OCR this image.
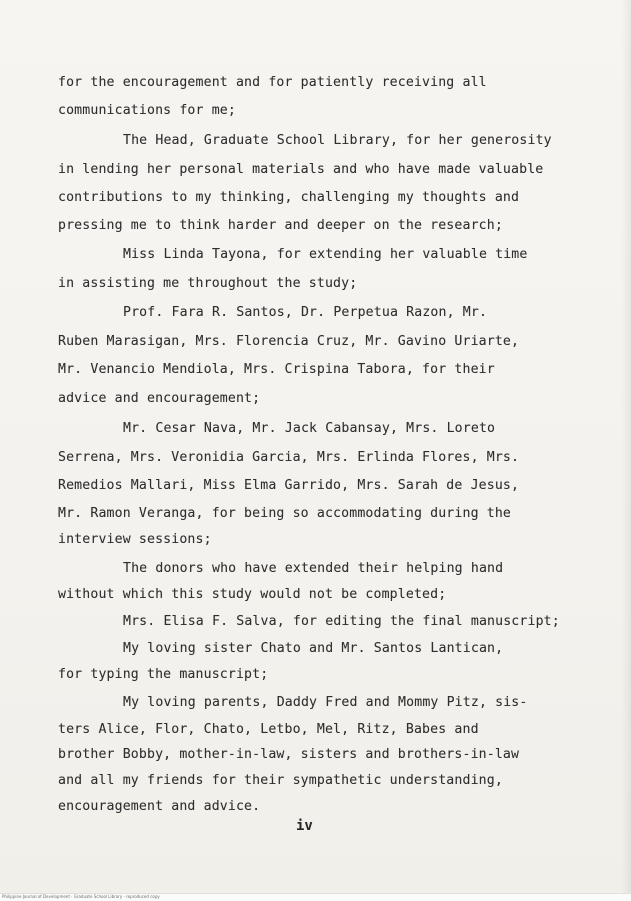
for the encouragement and for patiently receiving all
communications for me;
The Head, Graduate School Library, for her generosity
in lending her personal materials and who have made valuable
contributions to my thinking, challenging my thoughts and
pressing me to think harder and deeper on the research;
Miss Linda Tayona, for extending her valuable time
in assisting me throughout the study;
Prof. Fara R. Santos, Dr. Perpetua Razon, Mr.
Ruben Marasigan, Mrs. Florencia Cruz, Mr. Gavino Uriarte,
Mr. Venancio Mendiola, Mrs. Crispina Tabora, for their
advice and encouragement;
Mr. Cesar Nava, Mr. Jack Cabansay, Mrs. Loreto
Serrena, Mrs. Veronidia Garcia, Mrs. Erlinda Flores, Mrs.
Remedios Mallari, Miss Elma Garrido, Mrs. Sarah de Jesus,
Mr. Ramon Veranga, for being so accommodating during the
interview sessions;
The donors who have extended their helping hand
without which this study would not be completed;
Mrs. Elisa F. Salva, for editing the final manuscript;
My loving sister Chato and Mr. Santos Lantican,
for typing the manuscript;
My loving parents, Daddy Fred and Mommy Pitz, sis-
ters Alice, Flor, Chato, Letbo, Mel, Ritz, Babes and
brother Bobby, mother-in-law, sisters and brothers-in-law
and all my friends for their sympathetic understanding,
encouragement and advice.
iv
Philippine Journal of Development · Graduate School Library · reproduced copy
